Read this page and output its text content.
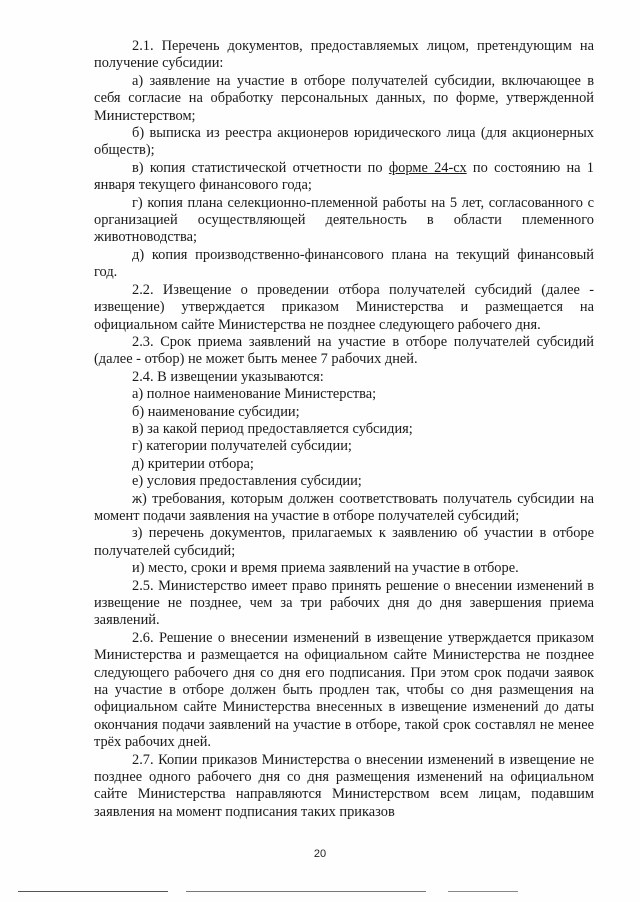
2.1. Перечень документов, предоставляемых лицом, претендующим на получение субсидии:

а) заявление на участие в отборе получателей субсидии, включающее в себя согласие на обработку персональных данных, по форме, утвержденной Министерством;

б) выписка из реестра акционеров юридического лица (для акционерных обществ);

в) копия статистической отчетности по форме 24-сх по состоянию на 1 января текущего финансового года;

г) копия плана селекционно-племенной работы на 5 лет, согласованного с организацией осуществляющей деятельность в области племенного животноводства;

д) копия производственно-финансового плана на текущий финансовый год.

2.2. Извещение о проведении отбора получателей субсидий (далее - извещение) утверждается приказом Министерства и размещается на официальном сайте Министерства не позднее следующего рабочего дня.

2.3. Срок приема заявлений на участие в отборе получателей субсидий (далее - отбор) не может быть менее 7 рабочих дней.

2.4. В извещении указываются:

а) полное наименование Министерства;

б) наименование субсидии;

в) за какой период предоставляется субсидия;

г) категории получателей субсидии;

д) критерии отбора;

е) условия предоставления субсидии;

ж) требования, которым должен соответствовать получатель субсидии на момент подачи заявления на участие в отборе получателей субсидий;

з) перечень документов, прилагаемых к заявлению об участии в отборе получателей субсидий;

и) место, сроки и время приема заявлений на участие в отборе.

2.5. Министерство имеет право принять решение о внесении изменений в извещение не позднее, чем за три рабочих дня до дня завершения приема заявлений.

2.6. Решение о внесении изменений в извещение утверждается приказом Министерства и размещается на официальном сайте Министерства не позднее следующего рабочего дня со дня его подписания. При этом срок подачи заявок на участие в отборе должен быть продлен так, чтобы со дня размещения на официальном сайте Министерства внесенных в извещение изменений до даты окончания подачи заявлений на участие в отборе, такой срок составлял не менее трёх рабочих дней.

2.7. Копии приказов Министерства о внесении изменений в извещение не позднее одного рабочего дня со дня размещения изменений на официальном сайте Министерства направляются Министерством всем лицам, подавшим заявления на момент подписания таких приказов

20
